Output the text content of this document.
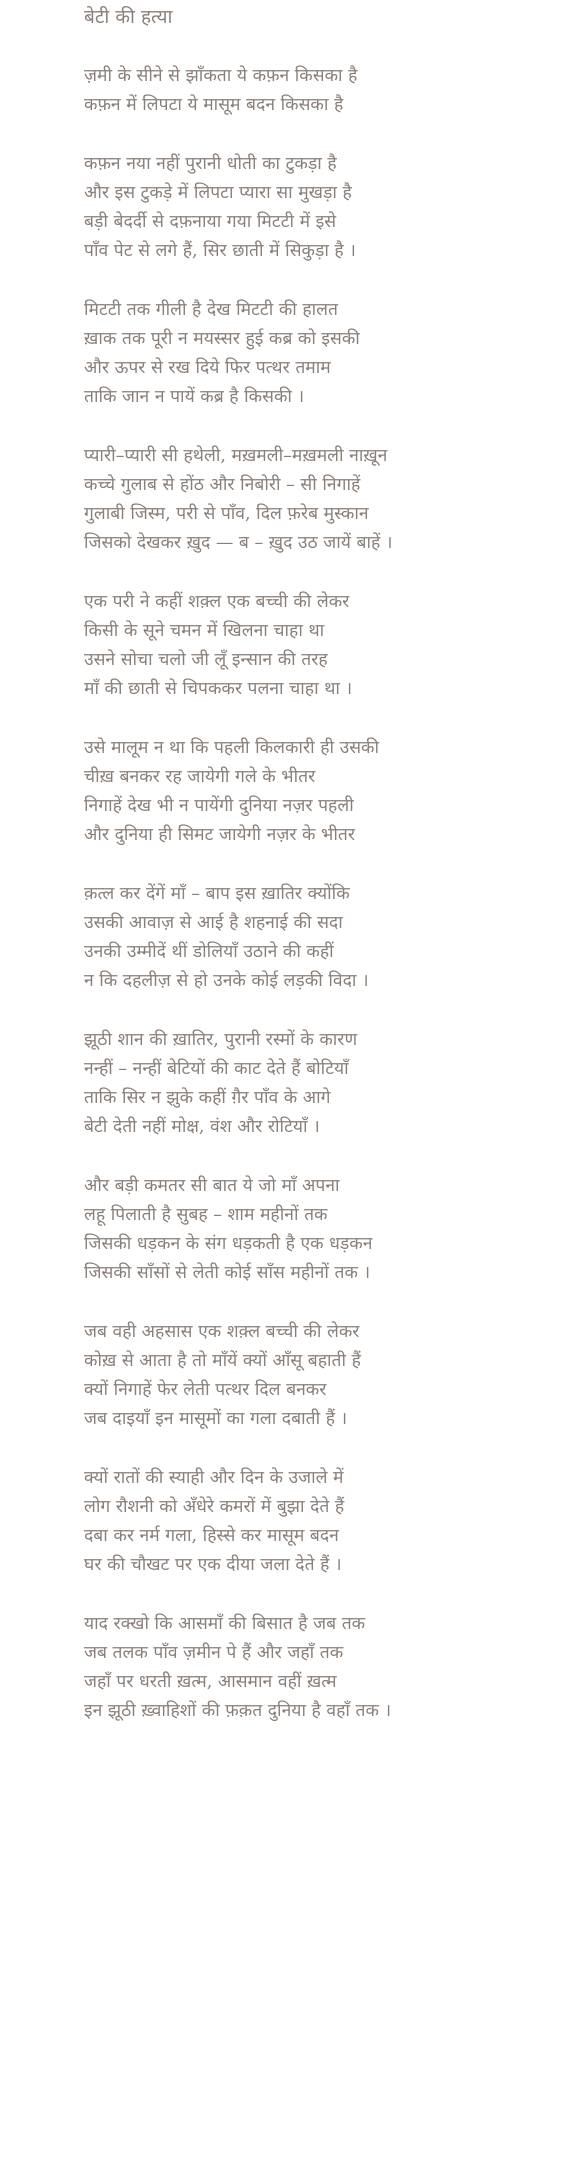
बेटी की हत्या
ज़मी के सीने से झाँकता ये कफ़न किसका है
कफ़न में लिपटा ये मासूम बदन किसका है
कफ़न नया नहीं पुरानी धोती का टुकड़ा है
और इस टुकड़े में लिपटा प्यारा सा मुखड़ा है
बड़ी बेदर्दी से दफ़नाया गया मिटटी में इसे
पाँव पेट से लगे हैं, सिर छाती में सिकुड़ा है ।
मिटटी तक गीली है देख मिटटी की हालत
ख़ाक तक पूरी न मयस्सर हुई कब्र को इसकी
और ऊपर से रख दिये फिर पत्थर तमाम
ताकि जान न पायें कब्र है किसकी ।
प्यारी–प्यारी सी हथेली, मख़मली–मख़मली नाख़ून
कच्चे गुलाब से होंठ और निबोरी – सी निगाहें
गुलाबी जिस्म, परी से पाँव, दिल फ़रेब मुस्कान
जिसको देखकर ख़ुद — ब – ख़ुद उठ जायें बाहें ।
एक परी ने कहीं शक़्ल एक बच्ची की लेकर
किसी के सूने चमन में खिलना चाहा था
उसने सोचा चलो जी लूँ इन्सान की तरह
माँ की छाती से चिपककर पलना चाहा था ।
उसे मालूम न था कि पहली किलकारी ही उसकी
चीख़ बनकर रह जायेगी गले के भीतर
निगाहें देख भी न पायेंगी दुनिया नज़र पहली
और दुनिया ही सिमट जायेगी नज़र के भीतर
क़त्ल कर देंगें माँ – बाप इस ख़ातिर क्योंकि
उसकी आवाज़ से आई है शहनाई की सदा
उनकी उम्मीदें थीं डोलियाँ उठाने की कहीं
न कि दहलीज़ से हो उनके कोई लड़की विदा ।
झूठी शान की ख़ातिर, पुरानी रस्मों के कारण
नन्हीं – नन्हीं बेटियों की काट देते हैं बोटियाँ
ताकि सिर न झुके कहीं ग़ैर पाँव के आगे
बेटी देती नहीं मोक्ष, वंश और रोटियाँ ।
और बड़ी कमतर सी बात ये जो माँ अपना
लहू पिलाती है सुबह – शाम महीनों तक
जिसकी धड़कन के संग धड़कती है एक धड़कन
जिसकी साँसों से लेती कोई साँस महीनों तक ।
जब वही अहसास एक शक़्ल बच्ची की लेकर
कोख़ से आता है तो माँयें क्यों आँसू बहाती हैं
क्यों निगाहें फेर लेती पत्थर दिल बनकर
जब दाइयाँ इन मासूमों का गला दबाती हैं ।
क्यों रातों की स्याही और दिन के उजाले में
लोग रौशनी को अँधेरे कमरों में बुझा देते हैं
दबा कर नर्म गला, हिस्से कर मासूम बदन
घर की चौखट पर एक दीया जला देते हैं ।
याद रक्खो कि आसमाँ की बिसात है जब तक
जब तलक पाँव ज़मीन पे हैं और जहाँ तक
जहाँ पर धरती ख़त्म, आसमान वहीं ख़त्म
इन झूठी ख़्वाहिशों की फ़क़त दुनिया है वहाँ तक ।
